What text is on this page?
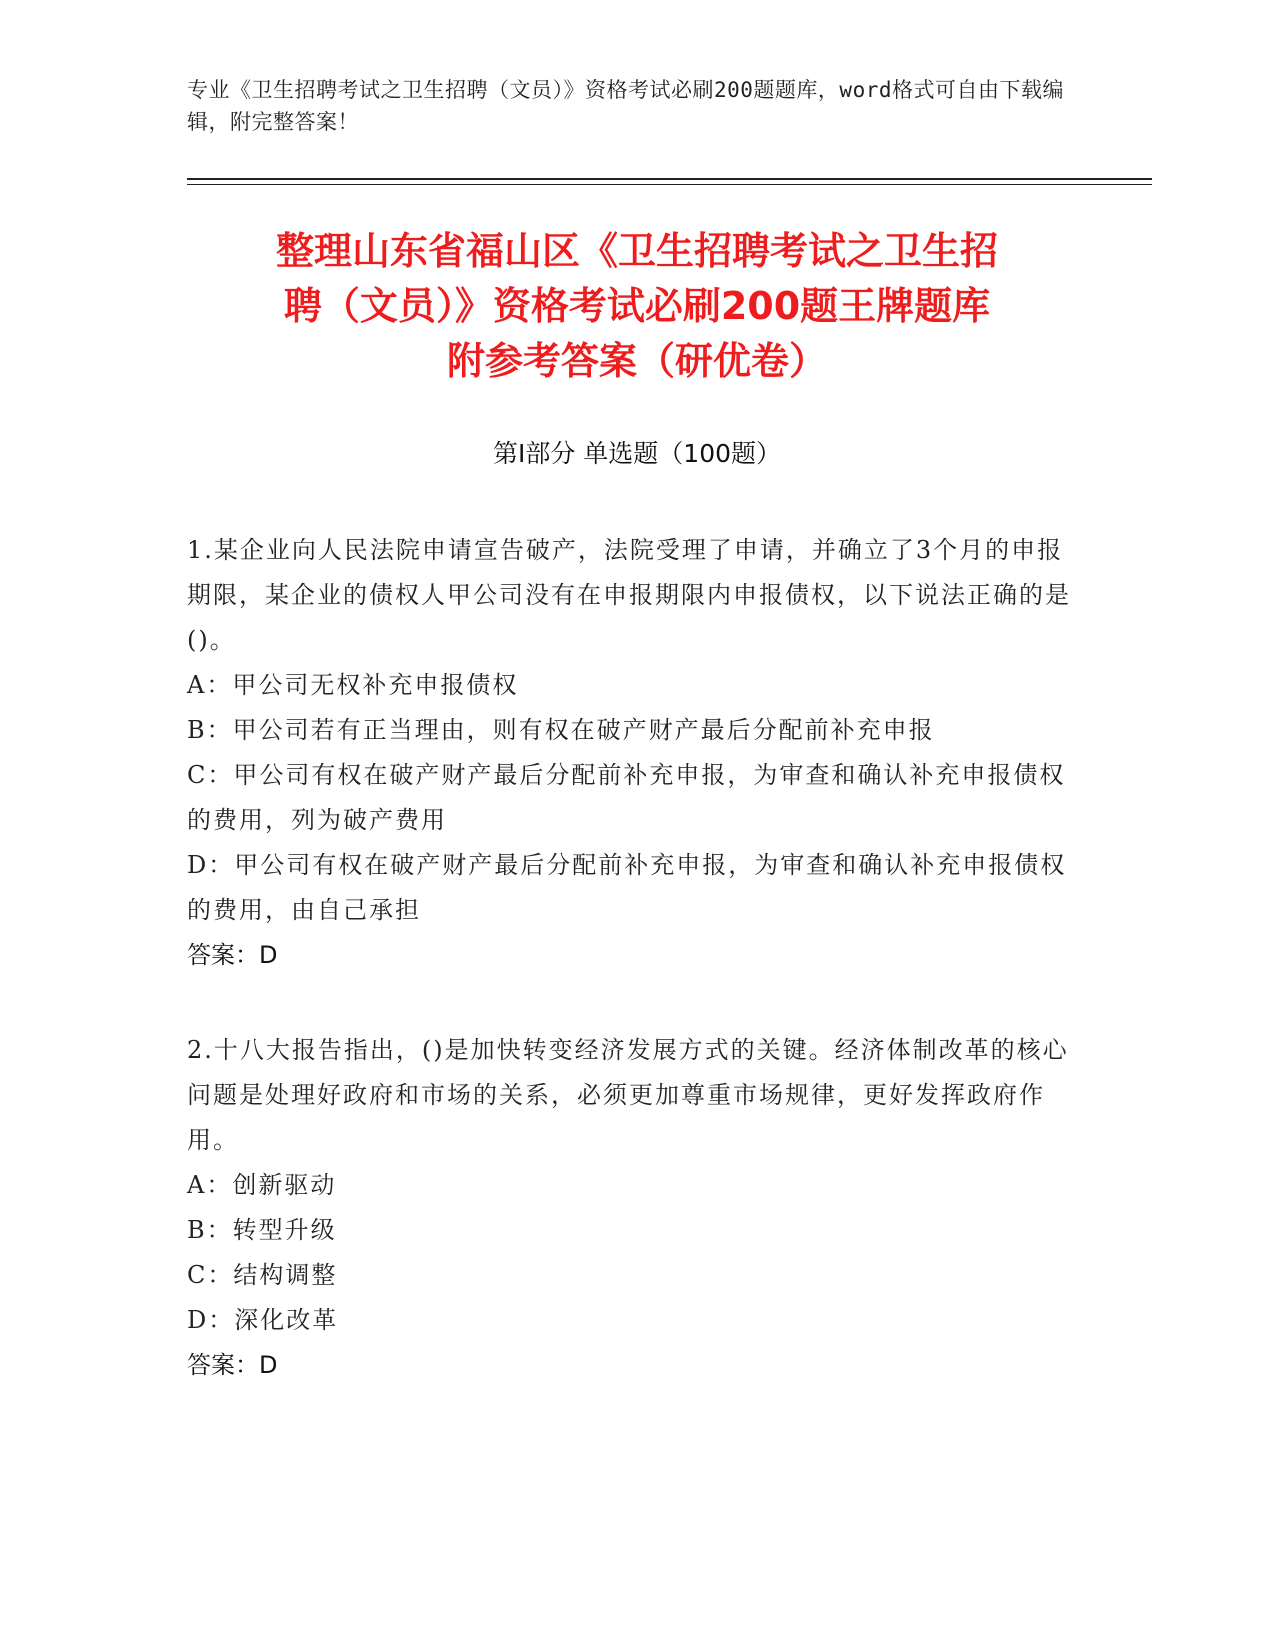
专业《卫生招聘考试之卫生招聘（文员）》资格考试必刷200题题库，word格式可自由下载编辑，附完整答案！
整理山东省福山区《卫生招聘考试之卫生招
聘（文员）》资格考试必刷200题王牌题库
附参考答案（研优卷）
第Ⅰ部分 单选题（100题）
1.某企业向人民法院申请宣告破产，法院受理了申请，并确立了3个月的申报期限，某企业的债权人甲公司没有在申报期限内申报债权，以下说法正确的是()。
A：甲公司无权补充申报债权
B：甲公司若有正当理由，则有权在破产财产最后分配前补充申报
C：甲公司有权在破产财产最后分配前补充申报，为审查和确认补充申报债权的费用，列为破产费用
D：甲公司有权在破产财产最后分配前补充申报，为审查和确认补充申报债权的费用，由自己承担
答案：D
2.十八大报告指出，()是加快转变经济发展方式的关键。经济体制改革的核心问题是处理好政府和市场的关系，必须更加尊重市场规律，更好发挥政府作用。
A：创新驱动
B：转型升级
C：结构调整
D：深化改革
答案：D
